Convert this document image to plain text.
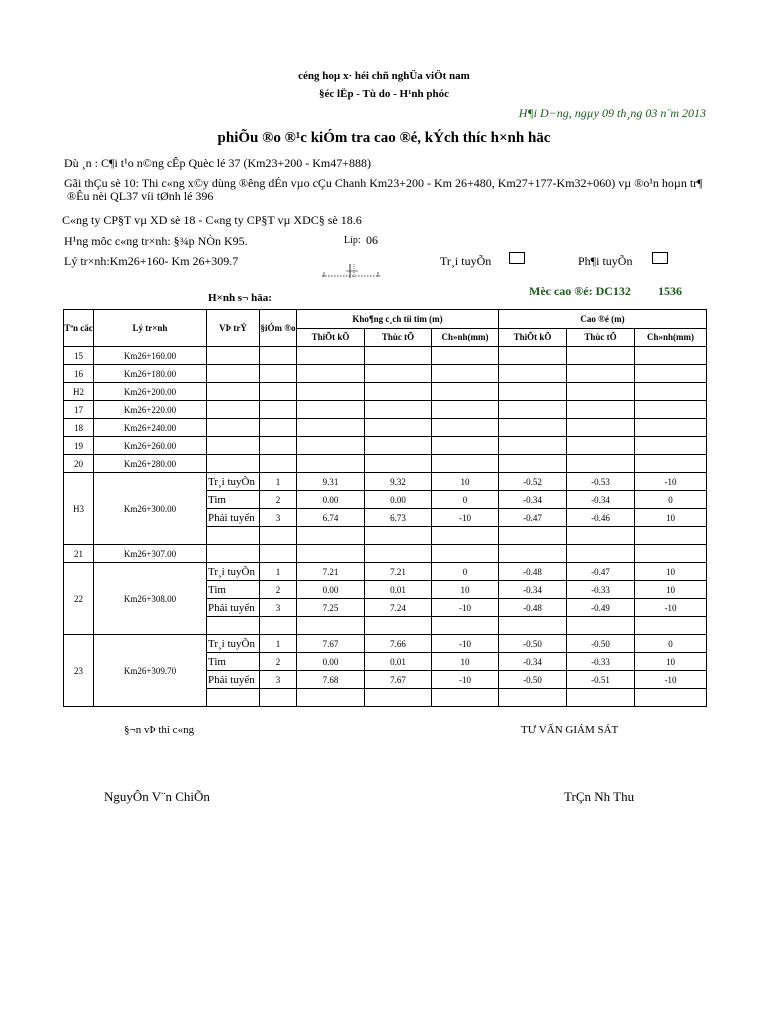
céng hoµ x· héi chñ nghÜa viÖt nam
§éc lËp - Tù do - H¹nh phóc
H¶i D−ng, ngµy 09 th¸ng 03 n¨m 2013
phiÕu ®o ®¹c kiÓm tra cao ®é, kÝch thíc h×nh häc
Dù ¸n : C¶i t¹o n©ng cÊp Quèc lé 37 (Km23+200 - Km47+888)
Gãi thÇu sè 10: Thi c«ng x©y dùng ®êng dÉn vµo cÇu Chanh Km23+200 - Km 26+480, Km27+177-Km32+060) vµ ®o¹n hoµn tr¶
®Êu nèi QL37 víi tØnh lé 396
C«ng ty CP§T vµ XD sè 18 - C«ng ty CP§T vµ XDC§ sè 18.6
H¹ng môc c«ng tr×nh: §¾p NÒn K95.	Líp: 06
Lý tr×nh:Km26+160- Km 26+309.7	Tr¸i tuyÕn	Ph¶i tuyÕn
Mèc cao ®é: DC132 1536
H×nh s¬ häa:
Tªn cäc	Lý tr×nh	VÞ trÝ	§iÓm ®o	Kho¶ng c¸ch tíi tim (m)			Cao ®é (m)		
				ThiÕt kÕ	Thùc tÕ	Ch»nh(mm)	ThiÕt kÕ	Thùc tÕ	Ch»nh(mm)
15	Km26+160.00								
16	Km26+180.00								
H2	Km26+200.00								
17	Km26+220.00								
18	Km26+240.00								
19	Km26+260.00								
20	Km26+280.00								
H3	Km26+300.00	Tr¸i tuyÕn	1	9.31	9.32	10	-0.52	-0.53	-10
		Tim	2	0.00	0.00	0	-0.34	-0.34	0
		Phải tuyến	3	6.74	6.73	-10	-0.47	-0.46	10

21	Km26+307.00								
22	Km26+308.00	Tr¸i tuyÕn	1	7.21	7.21	0	-0.48	-0.47	10
		Tim	2	0.00	0.01	10	-0.34	-0.33	10
		Phải tuyến	3	7.25	7.24	-10	-0.48	-0.49	-10

23	Km26+309.70	Tr¸i tuyÕn	1	7.67	7.66	-10	-0.50	-0.50	0
		Tim	2	0.00	0.01	10	-0.34	-0.33	10
		Phải tuyến	3	7.68	7.67	-10	-0.50	-0.51	-10

§¬n vÞ thi c«ng	TƯ VẤN GIÁM SÁT
NguyÔn V¨n ChiÕn	TrÇn Nh Thu
